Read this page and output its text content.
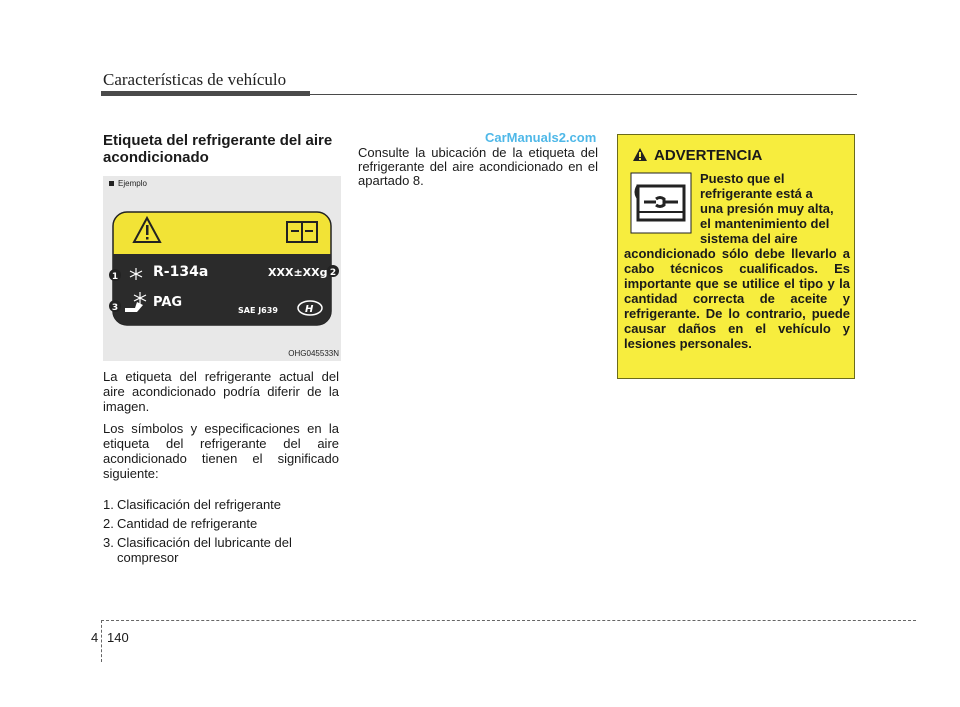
Características de vehículo
Etiqueta del refrigerante del aire acondicionado
Ejemplo
R-134a	XXX±XXg
PAG
SAE J639	H
1	2
3
OHG045533N
La etiqueta del refrigerante actual del aire acondicionado podría diferir de la imagen.
Los símbolos y especificaciones en la etiqueta del refrigerante del aire acondicionado tienen el significado siguiente:
1. Clasificación del refrigerante
2. Cantidad de refrigerante
3. Clasificación del lubricante del compresor
Consulte la ubicación de la etiqueta del refrigerante del aire acondicionado en el apartado 8.
CarManuals2.com
ADVERTENCIA
Puesto que el
refrigerante está a
una presión muy alta,
el mantenimiento del
sistema del aire
acondicionado sólo debe llevarlo a cabo técnicos cualificados. Es importante que se utilice el tipo y la cantidad correcta de aceite y refrigerante. De lo contrario, puede causar daños en el vehículo y lesiones personales.
4 140
